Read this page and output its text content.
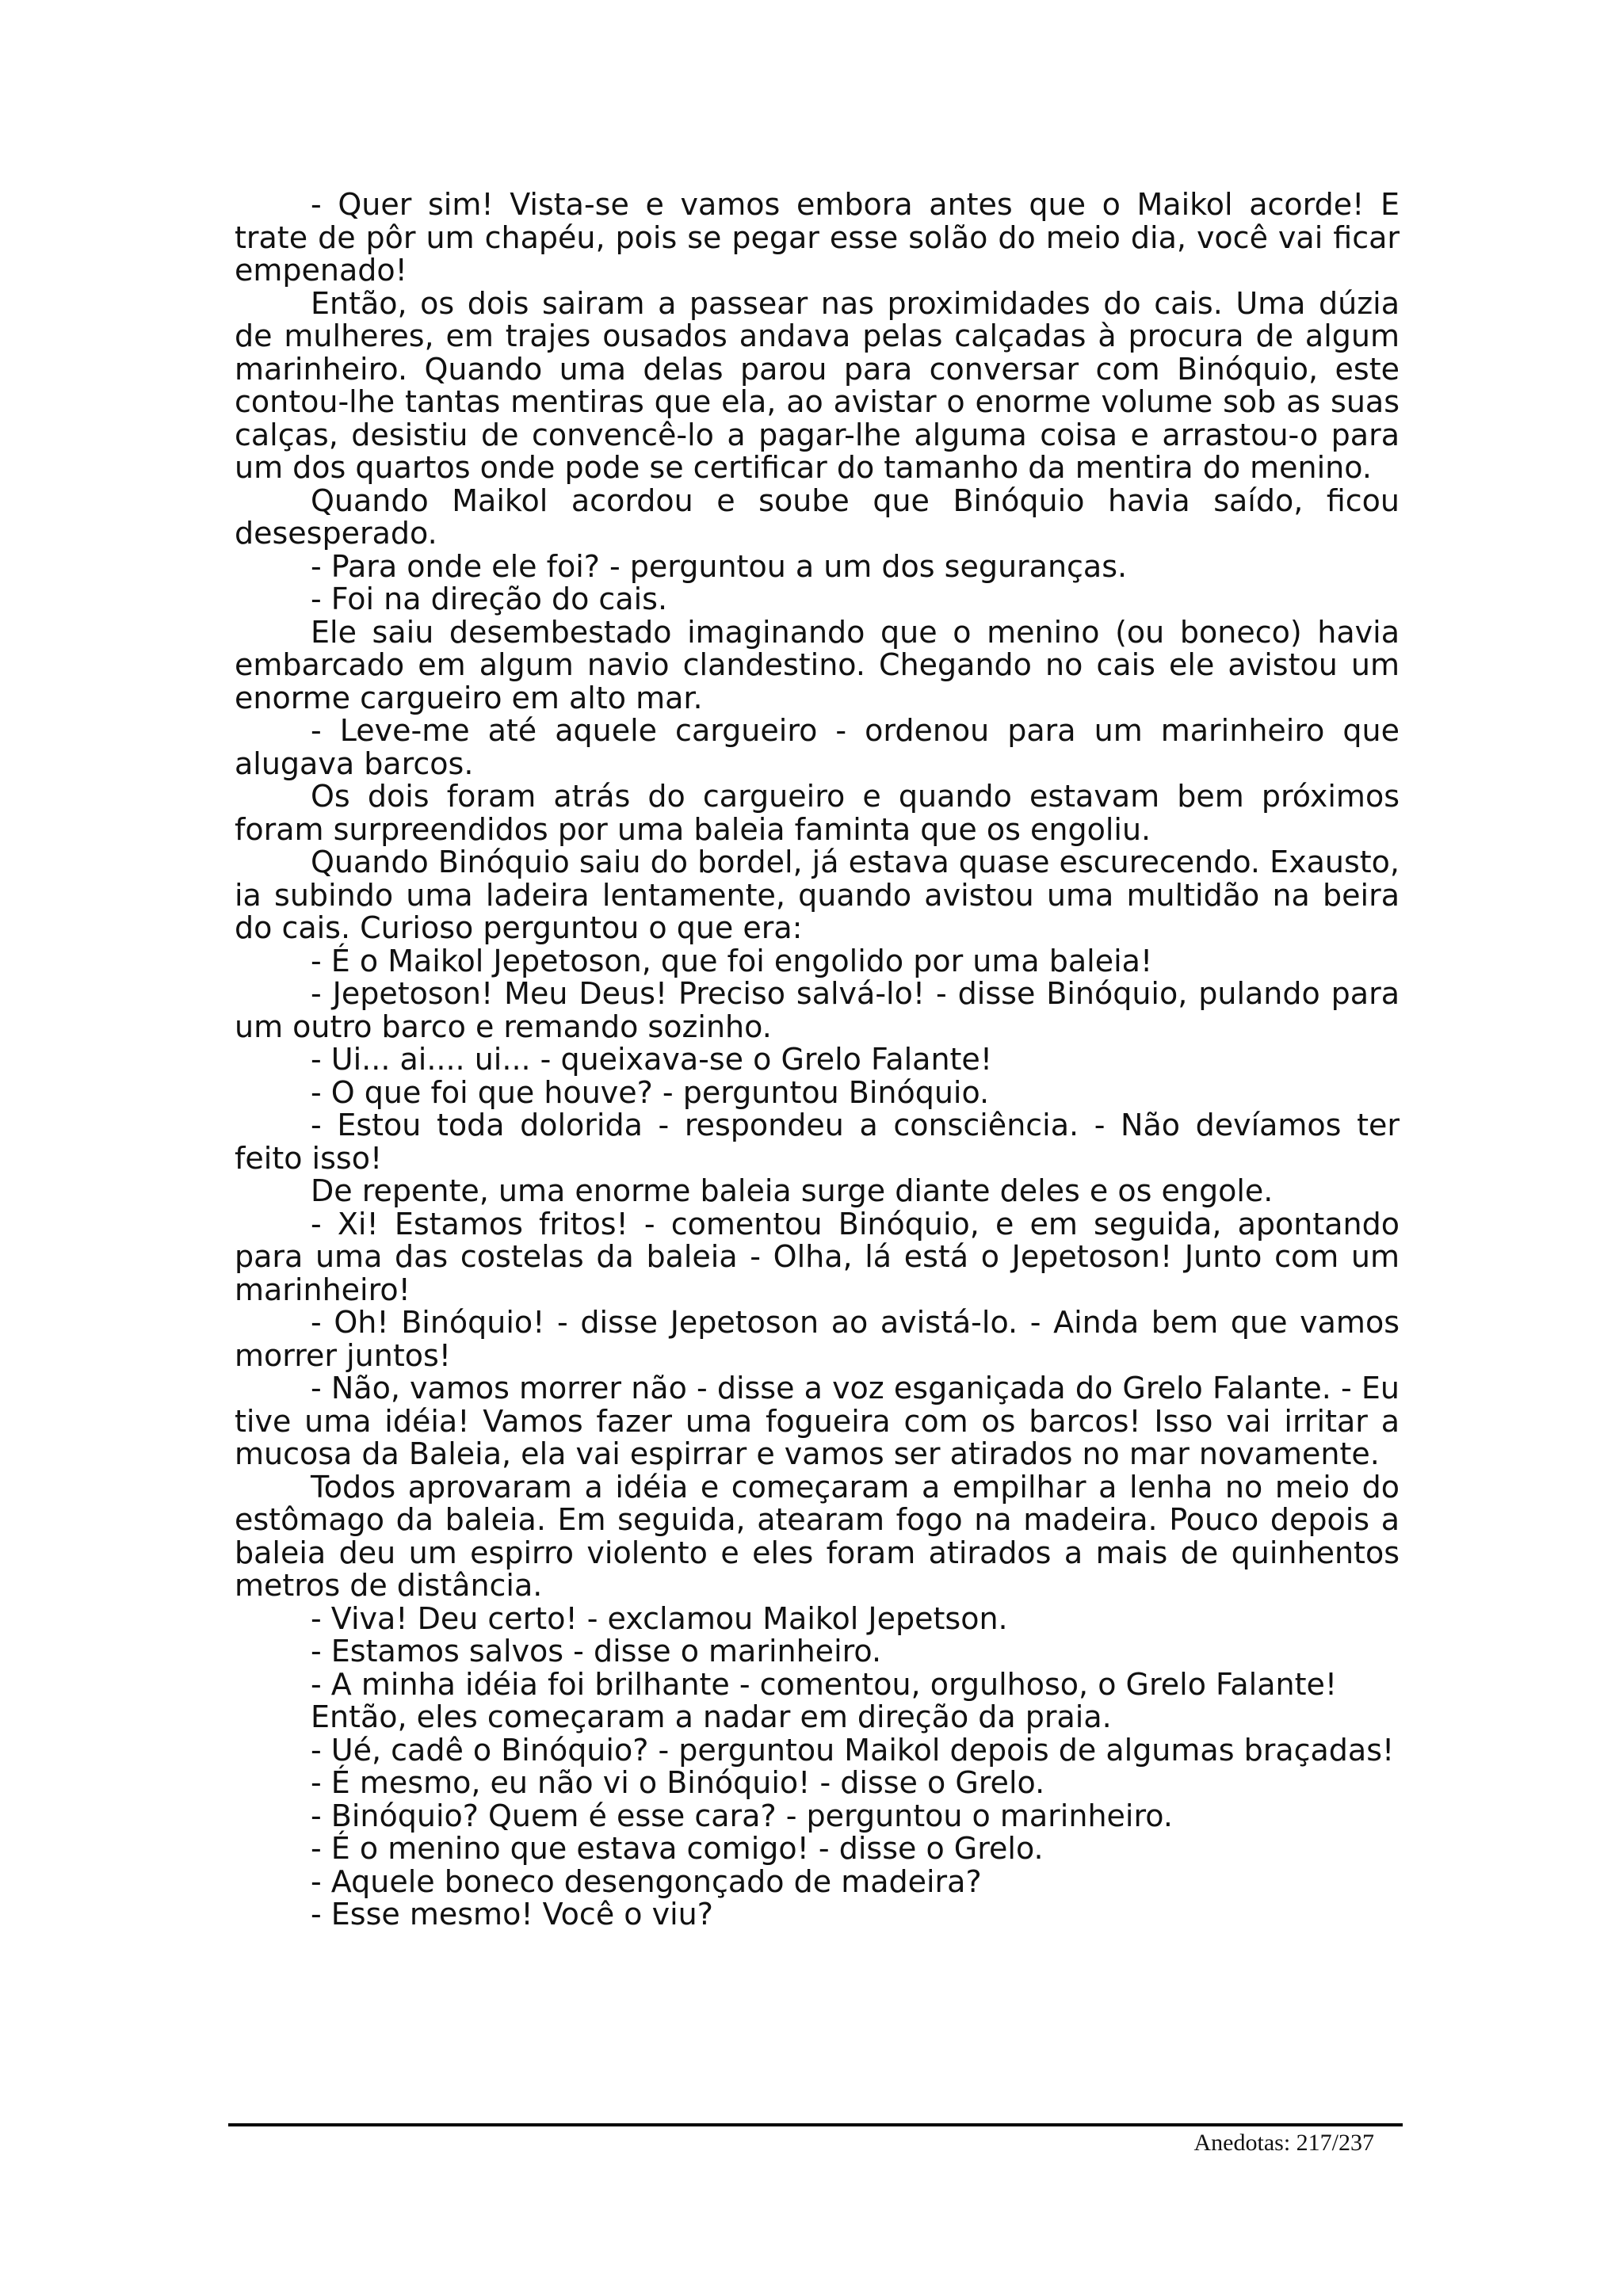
- Quer sim! Vista-se e vamos embora antes que o Maikol acorde! E trate de pôr um chapéu, pois se pegar esse solão do meio dia, você vai ficar empenado!

Então, os dois sairam a passear nas proximidades do cais. Uma dúzia de mulheres, em trajes ousados andava pelas calçadas à procura de algum marinheiro. Quando uma delas parou para conversar com Binóquio, este contou-lhe tantas mentiras que ela, ao avistar o enorme volume sob as suas calças, desistiu de convencê-lo a pagar-lhe alguma coisa e arrastou-o para um dos quartos onde pode se certificar do tamanho da mentira do menino.

Quando Maikol acordou e soube que Binóquio havia saído, ficou desesperado.

- Para onde ele foi? - perguntou a um dos seguranças.

- Foi na direção do cais.

Ele saiu desembestado imaginando que o menino (ou boneco) havia embarcado em algum navio clandestino. Chegando no cais ele avistou um enorme cargueiro em alto mar.

- Leve-me até aquele cargueiro - ordenou para um marinheiro que alugava barcos.

Os dois foram atrás do cargueiro e quando estavam bem próximos foram surpreendidos por uma baleia faminta que os engoliu.

Quando Binóquio saiu do bordel, já estava quase escurecendo. Exausto, ia subindo uma ladeira lentamente, quando avistou uma multidão na beira do cais. Curioso perguntou o que era:

- É o Maikol Jepetoson, que foi engolido por uma baleia!

- Jepetoson! Meu Deus! Preciso salvá-lo! - disse Binóquio, pulando para um outro barco e remando sozinho.

- Ui... ai.... ui... - queixava-se o Grelo Falante!

- O que foi que houve? - perguntou Binóquio.

- Estou toda dolorida - respondeu a consciência. - Não devíamos ter feito isso!

De repente, uma enorme baleia surge diante deles e os engole.

- Xi! Estamos fritos! - comentou Binóquio, e em seguida, apontando para uma das costelas da baleia - Olha, lá está o Jepetoson! Junto com um marinheiro!

- Oh! Binóquio! - disse Jepetoson ao avistá-lo. - Ainda bem que vamos morrer juntos!

- Não, vamos morrer não - disse a voz esganiçada do Grelo Falante. - Eu tive uma idéia! Vamos fazer uma fogueira com os barcos! Isso vai irritar a mucosa da Baleia, ela vai espirrar e vamos ser atirados no mar novamente.

Todos aprovaram a idéia e começaram a empilhar a lenha no meio do estômago da baleia. Em seguida, atearam fogo na madeira. Pouco depois a baleia deu um espirro violento e eles foram atirados a mais de quinhentos metros de distância.

- Viva! Deu certo! - exclamou Maikol Jepetson.

- Estamos salvos - disse o marinheiro.

- A minha idéia foi brilhante - comentou, orgulhoso, o Grelo Falante!

Então, eles começaram a nadar em direção da praia.

- Ué, cadê o Binóquio? - perguntou Maikol depois de algumas braçadas!

- É mesmo, eu não vi o Binóquio! - disse o Grelo.

- Binóquio? Quem é esse cara? - perguntou o marinheiro.

- É o menino que estava comigo! - disse o Grelo.

- Aquele boneco desengonçado de madeira?

- Esse mesmo! Você o viu?

Anedotas: 217/237
